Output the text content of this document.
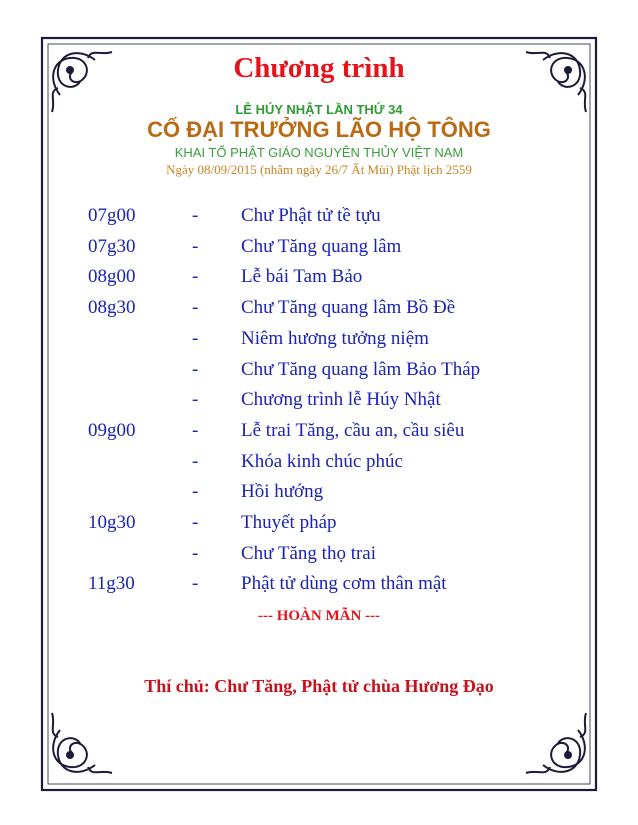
Chương trình
LỄ HÚY NHẬT LẦN THỨ 34
CỐ ĐẠI TRƯỞNG LÃO HỘ TÔNG
KHAI TỔ PHẬT GIÁO NGUYÊN THỦY VIỆT NAM
Ngày 08/09/2015 (nhằm ngày 26/7 Ất Mùi) Phật lịch 2559
07g00	- Chư Phật tử tề tựu
07g30	- Chư Tăng quang lâm
08g00	- Lễ bái Tam Bảo
08g30	- Chư Tăng quang lâm Bồ Đề
- Niêm hương tưởng niệm
- Chư Tăng quang lâm Bảo Tháp
- Chương trình lễ Húy Nhật
09g00	- Lễ trai Tăng, cầu an, cầu siêu
- Khóa kinh chúc phúc
- Hồi hướng
10g30	- Thuyết pháp
- Chư Tăng thọ trai
11g30	- Phật tử dùng cơm thân mật
--- HOÀN MÃN ---
Thí chủ: Chư Tăng, Phật tử chùa Hương Đạo
